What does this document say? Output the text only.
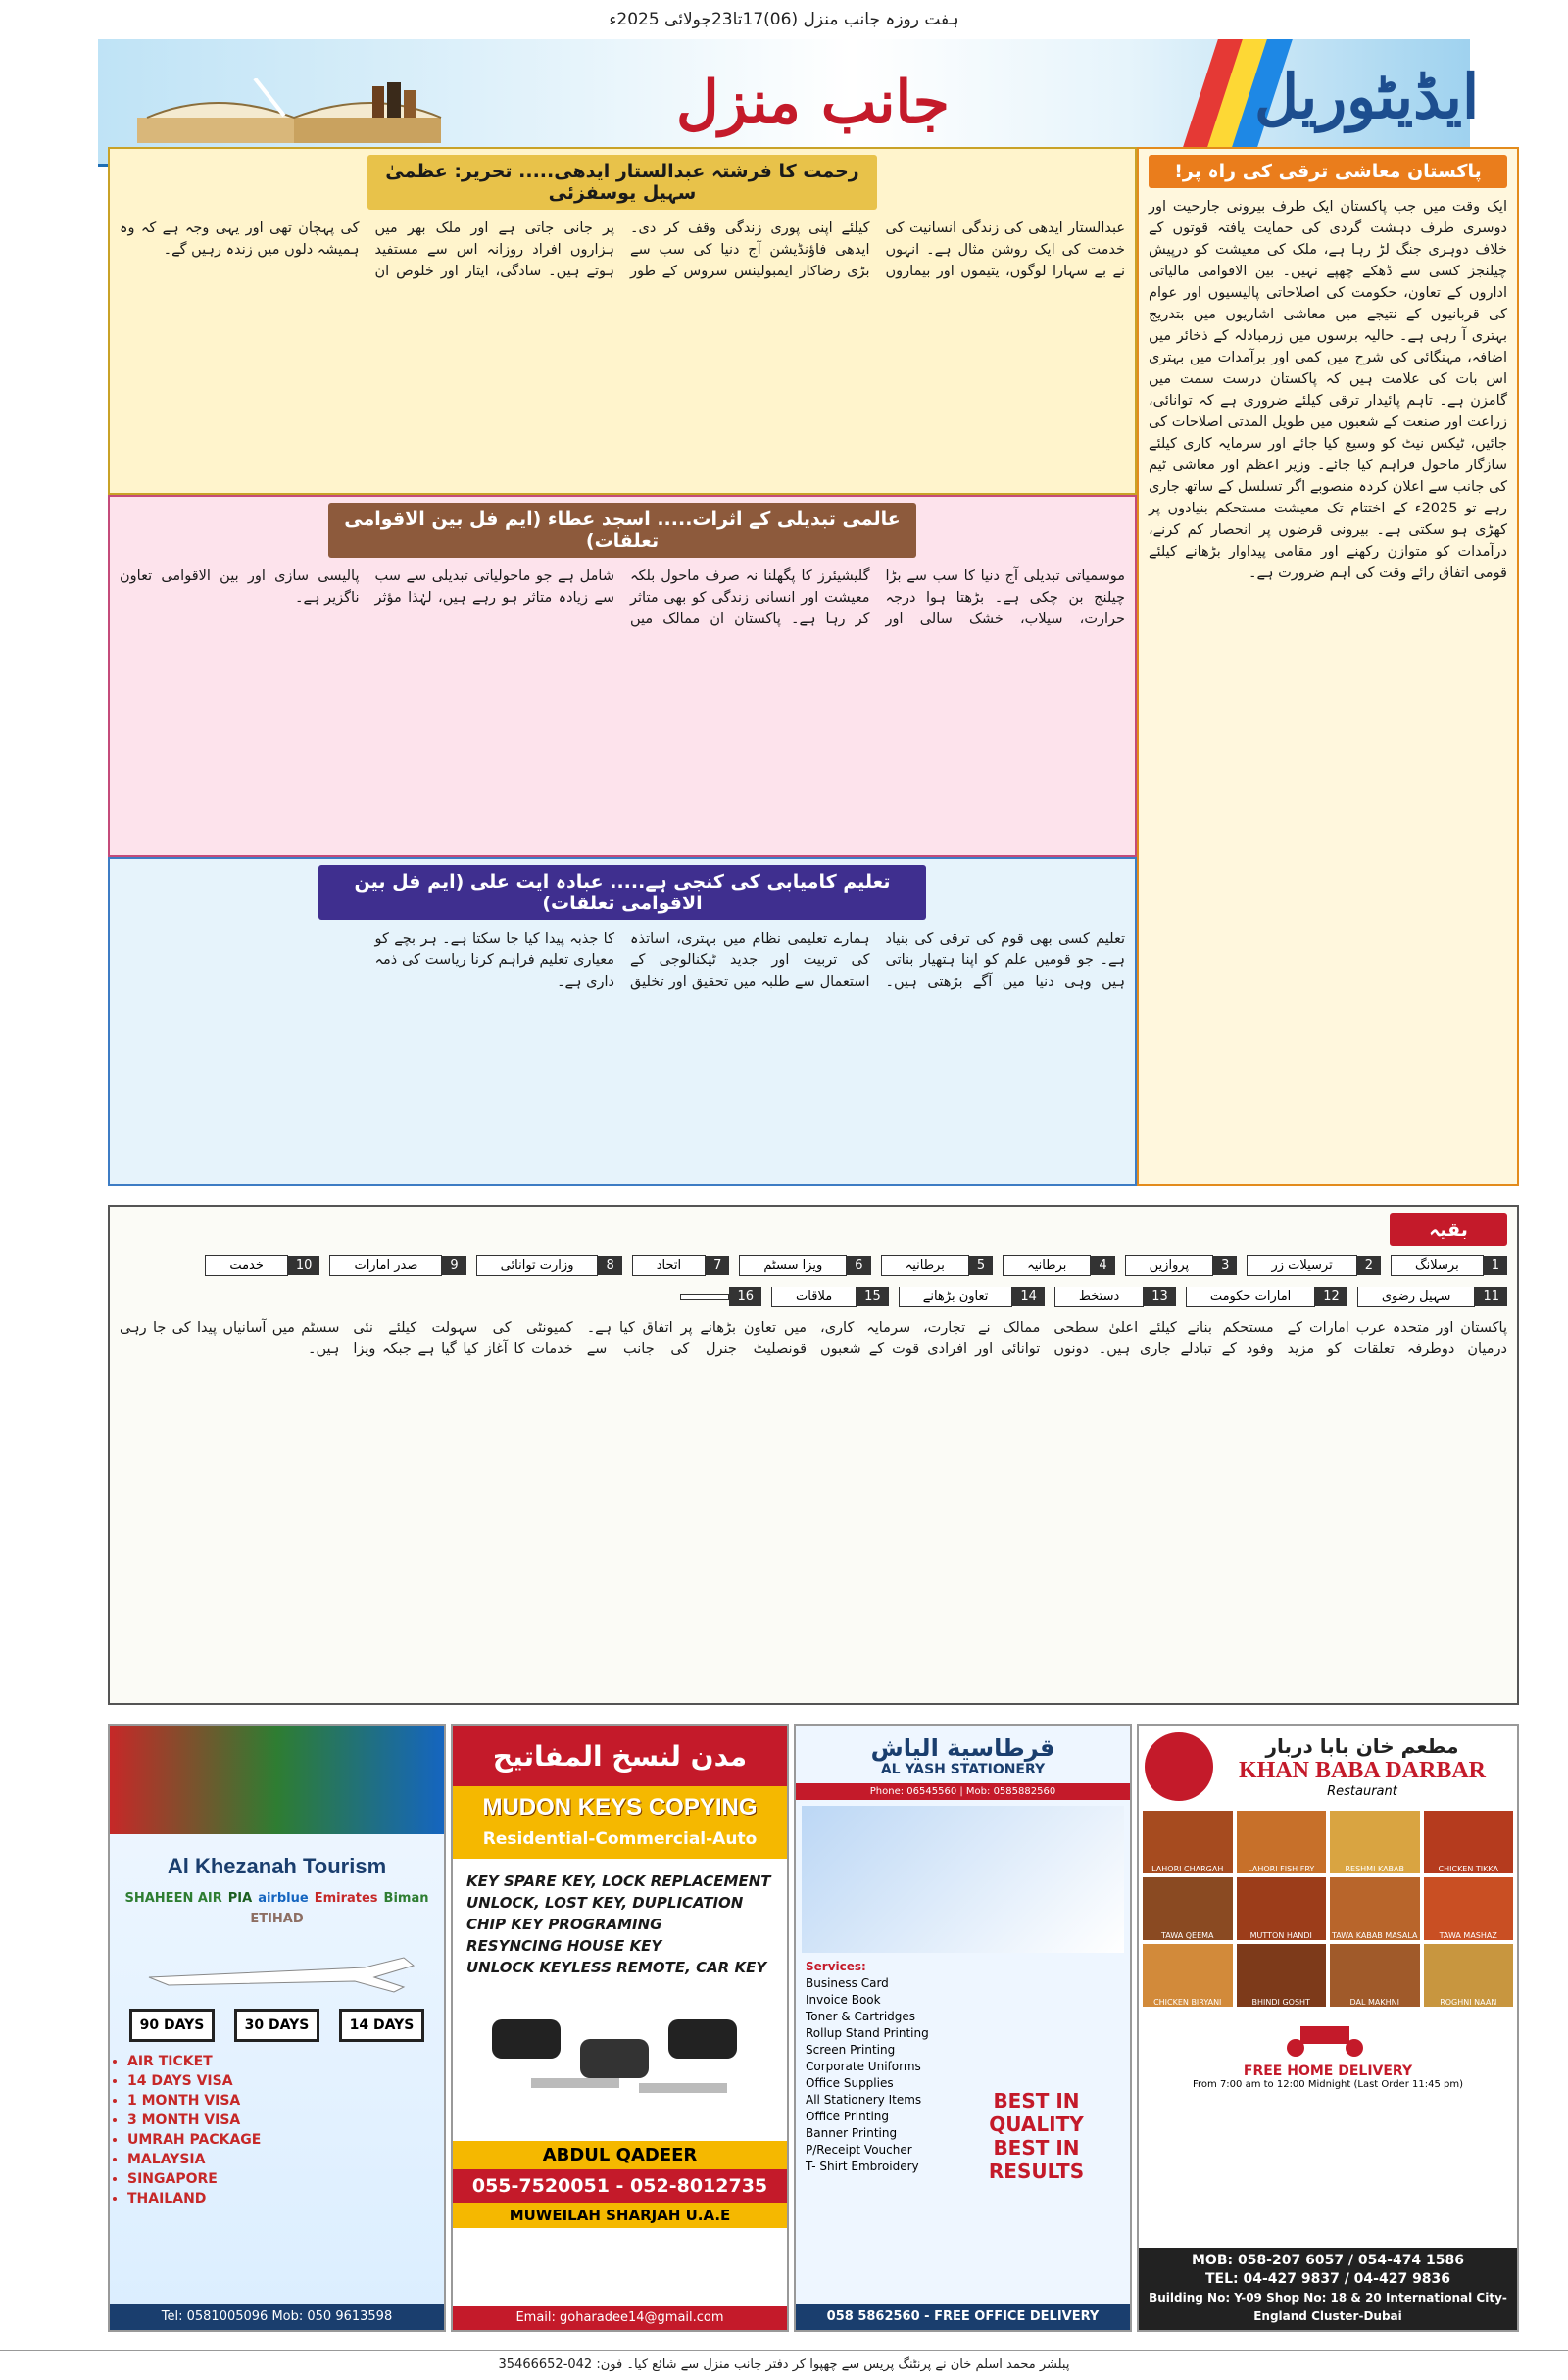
ہفت روزہ جانب منزل (06)17تا23جولائی 2025ء
جانب منزل	ایڈیٹوریل
پاکستان معاشی ترقی کی راہ پر!

ایک وقت میں جب پاکستان ایک طرف بیرونی جارحیت اور دوسری طرف دہشت گردی کی حمایت یافتہ قوتوں کے خلاف دوہری جنگ لڑ رہا ہے، ملک کی معیشت کو درپیش چیلنجز کسی سے ڈھکے چھپے نہیں۔ بین الاقوامی مالیاتی اداروں کے تعاون، حکومت کی اصلاحاتی پالیسیوں اور عوام کی قربانیوں کے نتیجے میں معاشی اشاریوں میں بتدریج بہتری آ رہی ہے۔ حالیہ برسوں میں زرمبادلہ کے ذخائر میں اضافہ، مہنگائی کی شرح میں کمی اور برآمدات میں بہتری اس بات کی علامت ہیں کہ پاکستان درست سمت میں گامزن ہے۔ تاہم پائیدار ترقی کیلئے ضروری ہے کہ توانائی، زراعت اور صنعت کے شعبوں میں طویل المدتی اصلاحات کی جائیں، ٹیکس نیٹ کو وسیع کیا جائے اور سرمایہ کاری کیلئے سازگار ماحول فراہم کیا جائے۔ وزیر اعظم اور معاشی ٹیم کی جانب سے اعلان کردہ منصوبے اگر تسلسل کے ساتھ جاری رہے تو 2025ء کے اختتام تک معیشت مستحکم بنیادوں پر کھڑی ہو سکتی ہے۔ بیرونی قرضوں پر انحصار کم کرنے، درآمدات کو متوازن رکھنے اور مقامی پیداوار بڑھانے کیلئے قومی اتفاق رائے وقت کی اہم ضرورت ہے۔

رحمت کا فرشتہ عبدالستار ایدھی..... تحریر: عظمیٰ سہیل یوسفزئی

عبدالستار ایدھی کی زندگی انسانیت کی خدمت کی ایک روشن مثال ہے۔ انہوں نے بے سہارا لوگوں، یتیموں اور بیماروں کیلئے اپنی پوری زندگی وقف کر دی۔ ایدھی فاؤنڈیشن آج دنیا کی سب سے بڑی رضاکار ایمبولینس سروس کے طور پر جانی جاتی ہے اور ملک بھر میں ہزاروں افراد روزانہ اس سے مستفید ہوتے ہیں۔ سادگی، ایثار اور خلوص ان کی پہچان تھی اور یہی وجہ ہے کہ وہ ہمیشہ دلوں میں زندہ رہیں گے۔

عالمی تبدیلی کے اثرات..... اسجد عطاء (ایم فل بین الاقوامی تعلقات)

موسمیاتی تبدیلی آج دنیا کا سب سے بڑا چیلنج بن چکی ہے۔ بڑھتا ہوا درجہ حرارت، سیلاب، خشک سالی اور گلیشیئرز کا پگھلنا نہ صرف ماحول بلکہ معیشت اور انسانی زندگی کو بھی متاثر کر رہا ہے۔ پاکستان ان ممالک میں شامل ہے جو ماحولیاتی تبدیلی سے سب سے زیادہ متاثر ہو رہے ہیں، لہٰذا مؤثر پالیسی سازی اور بین الاقوامی تعاون ناگزیر ہے۔

تعلیم کامیابی کی کنجی ہے..... عبادہ ایت علی (ایم فل بین الاقوامی تعلقات)

تعلیم کسی بھی قوم کی ترقی کی بنیاد ہے۔ جو قومیں علم کو اپنا ہتھیار بناتی ہیں وہی دنیا میں آگے بڑھتی ہیں۔ ہمارے تعلیمی نظام میں بہتری، اساتذہ کی تربیت اور جدید ٹیکنالوجی کے استعمال سے طلبہ میں تحقیق اور تخلیق کا جذبہ پیدا کیا جا سکتا ہے۔ ہر بچے کو معیاری تعلیم فراہم کرنا ریاست کی ذمہ داری ہے۔

بقیہ
1برسلانگ
2ترسیلات زر
3پروازیں
4برطانیہ
5برطانیہ
6ویزا سسٹم
7اتحاد
8وزارت توانائی
9صدر امارات
10خدمت
11سہیل رضوی
12امارات حکومت
13دستخط
14تعاون بڑھانے
15ملاقات
16

پاکستان اور متحدہ عرب امارات کے درمیان دوطرفہ تعلقات کو مزید مستحکم بنانے کیلئے اعلیٰ سطحی وفود کے تبادلے جاری ہیں۔ دونوں ممالک نے تجارت، سرمایہ کاری، توانائی اور افرادی قوت کے شعبوں میں تعاون بڑھانے پر اتفاق کیا ہے۔ قونصلیٹ جنرل کی جانب سے کمیونٹی کی سہولت کیلئے نئی خدمات کا آغاز کیا گیا ہے جبکہ ویزا سسٹم میں آسانیاں پیدا کی جا رہی ہیں۔

Al Khezanah Tourism
SHAHEEN AIR PIA airblue Emirates Biman
ETIHAD
90 DAYS	30 DAYS	14 DAYS
• AIR TICKET
• 14 DAYS VISA
• 1 MONTH VISA
• 3 MONTH VISA
• UMRAH PACKAGE
• MALAYSIA
• SINGAPORE
• THAILAND
Tel: 0581005096 Mob: 050 9613598
مدن لنسخ المفاتيح
MUDON KEYS COPYING
Residential-Commercial-Auto
KEY SPARE KEY, LOCK REPLACEMENT
UNLOCK, LOST KEY, DUPLICATION
CHIP KEY PROGRAMING
RESYNCING HOUSE KEY
UNLOCK KEYLESS REMOTE, CAR KEY
ABDUL QADEER
055-7520051 - 052-8012735
MUWEILAH SHARJAH U.A.E
Email: goharadee14@gmail.com
قرطاسية الياش
AL YASH STATIONERY
Phone: 06545560 | Mob: 0585882560
Services:
Business Card
Invoice Book
Toner & Cartridges
Rollup Stand Printing
Screen Printing
Corporate Uniforms
Office Supplies
All Stationery Items
Office Printing
Banner Printing
P/Receipt Voucher
T- Shirt Embroidery
BEST IN QUALITY
BEST IN RESULTS
058 5862560 - FREE OFFICE DELIVERY
مطعم خان بابا دربار
KHAN BABA DARBAR
Restaurant
LAHORI CHARGAH	LAHORI FISH FRY	RESHMI KABAB	CHICKEN TIKKA
TAWA QEEMA	MUTTON HANDI	TAWA KABAB MASALA	TAWA MASHAZ
CHICKEN BIRYANI	BHINDI GOSHT	DAL MAKHNI	ROGHNI NAAN
FREE HOME DELIVERY
From 7:00 am to 12:00 Midnight (Last Order 11:45 pm)
MOB: 058-207 6057 / 054-474 1586
TEL: 04-427 9837 / 04-427 9836
Building No: Y-09 Shop No: 18 & 20 International City-England Cluster-Dubai
پبلشر محمد اسلم خان نے پرنٹنگ پریس سے چھپوا کر دفتر جانب منزل سے شائع کیا۔ فون: 042-35466652
